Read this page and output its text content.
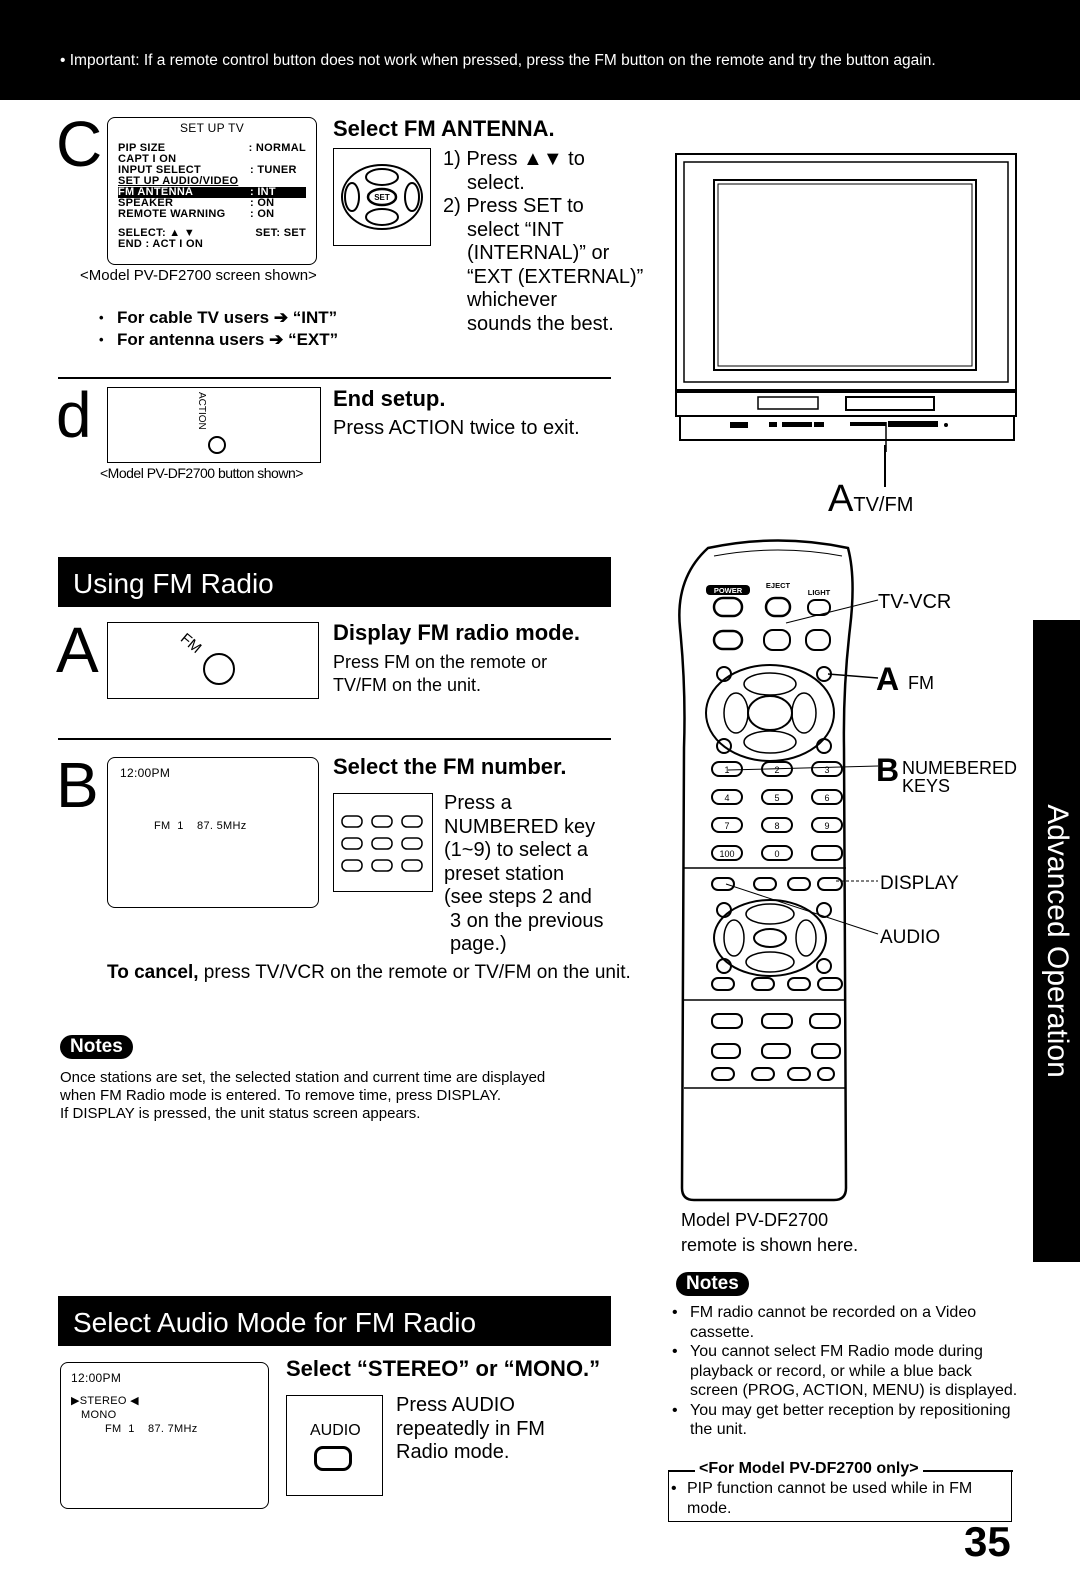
• Important: If a remote control button does not work when pressed, press the FM button on the remote and try the button again.
C	SET UP TV
PIP SIZE	: NORMAL
CAPT I ON
INPUT SELECT	: TUNER
SET UP AUDIO/VIDEO
FM ANTENNA	: INT
SPEAKER	: ON
REMOTE WARNING : ON
SELECT: ▲ ▼	SET: SET
END : ACT I ON
<Model PV-DF2700 screen shown>
• For cable TV users ➔ “INT”
• For antenna users ➔ “EXT”
Select FM ANTENNA.
SET
1) Press ▲▼ to
select.
2) Press SET to
select “INT
(INTERNAL)” or
“EXT (EXTERNAL)”
whichever
sounds the best.
d	ACTION	End setup.
Press ACTION twice to exit.
<Model PV-DF2700 button shown>
ATV/FM
Using FM Radio
A	FM	Display FM radio mode.
Press FM on the remote or
TV/FM on the unit.
B 12:00PM
FM  1    87. 5MHz
Select the FM number.
Press a
NUMBERED key
(1~9) to select a
preset station
(see steps 2 and
3 on the previous
page.)
To cancel, press TV/VCR on the remote or TV/FM on the unit.
Notes
Once stations are set, the selected station and current time are displayed
when FM Radio mode is entered. To remove time, press DISPLAY.
If DISPLAY is pressed, the unit status screen appears.
Select Audio Mode for FM Radio
12:00PM
▶STEREO ◀
MONO
FM  1    87. 7MHz
Select “STEREO” or “MONO.”
AUDIO
Press AUDIO
repeatedly in FM
Radio mode.
POWER
EJECT
LIGHT
1	2	3
4	5	6
7	8	9
100	0
TV-VCR
A FM
B NUMEBERED
KEYS
DISPLAY
AUDIO
Model PV-DF2700
remote is shown here.
Notes
• FM radio cannot be recorded on a Video cassette.
• You cannot select FM Radio mode during playback or record, or while a blue back screen (PROG, ACTION, MENU) is displayed.
• You may get better reception by repositioning the unit.
<For Model PV-DF2700 only>
• PIP function cannot be used while in FM mode.
35
Advanced Operation
